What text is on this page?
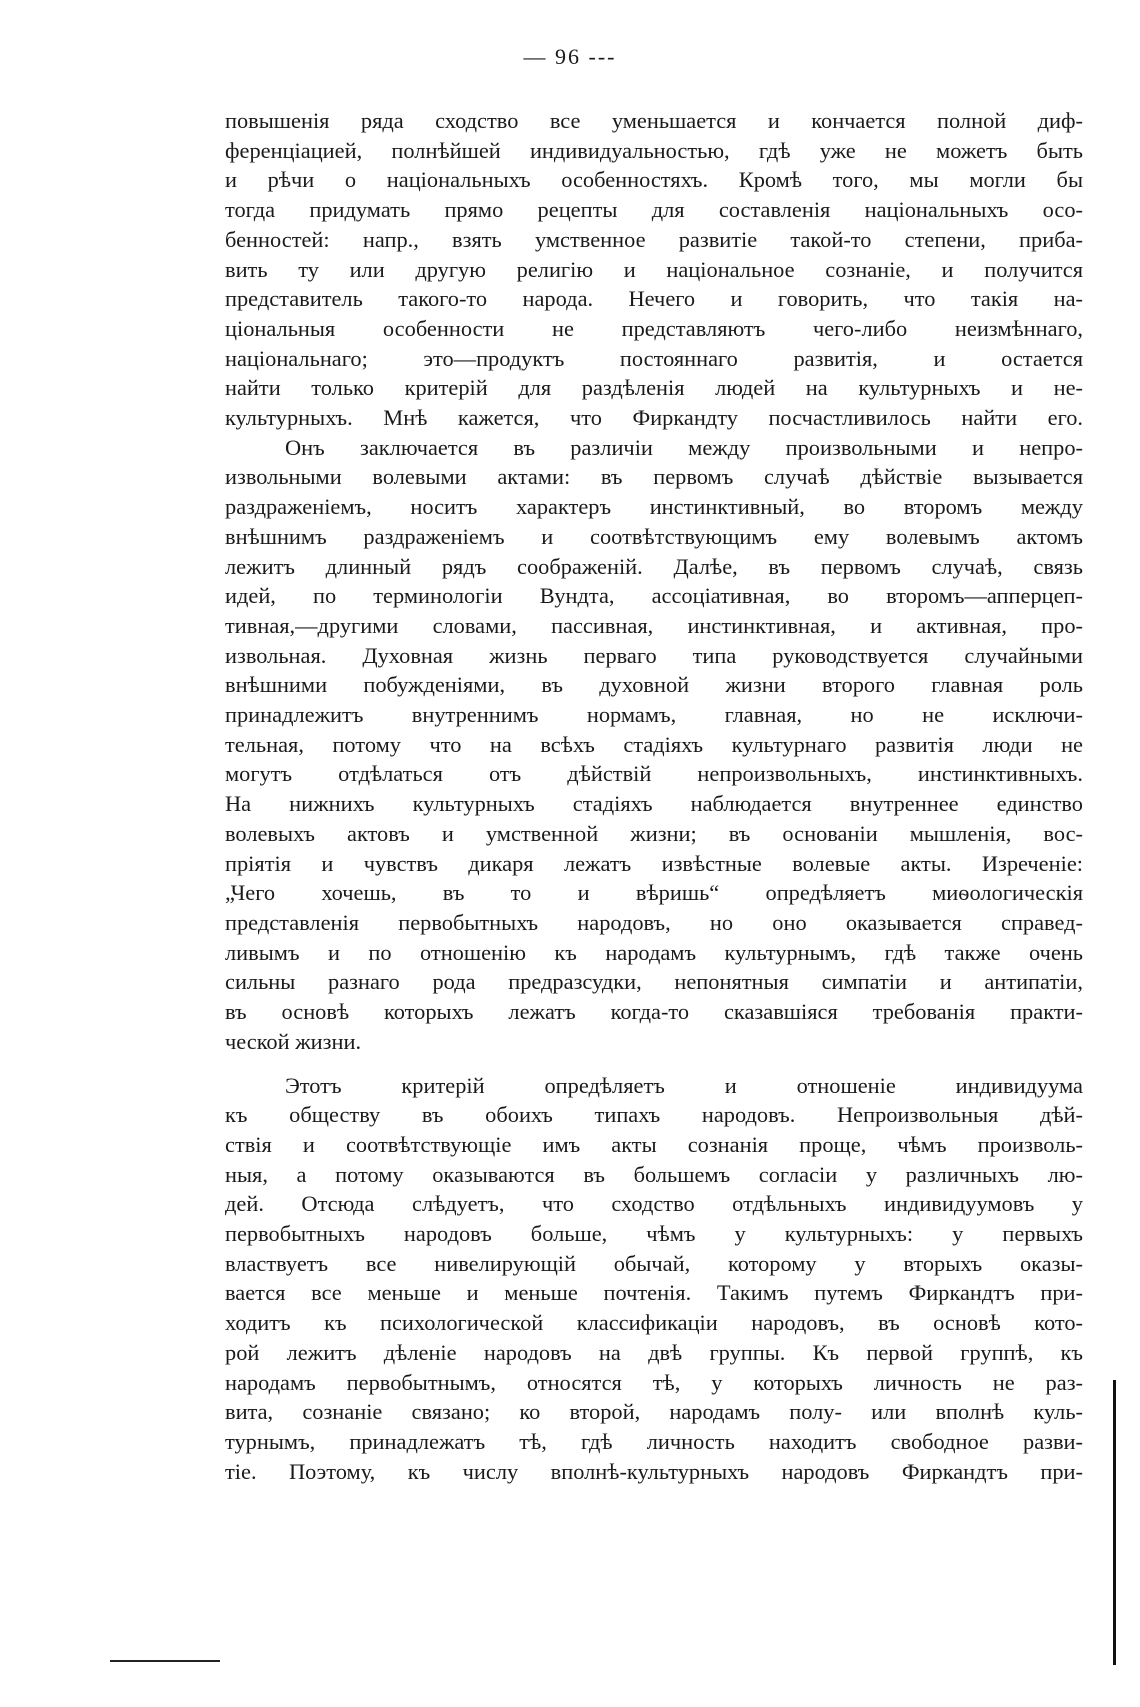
— 96 ---
повышенія ряда сходство все уменьшается и кончается полной диф-
ференціацией, полнѣйшей индивидуальностью, гдѣ уже не можетъ быть
и рѣчи о національныхъ особенностяхъ. Кромѣ того, мы могли бы
тогда придумать прямо рецепты для составленія національныхъ осо-
бенностей: напр., взять умственное развитіе такой-то степени, прибa-
вить ту или другую религію и національное сознаніе, и получится
представитель такого-то народа. Нечего и говорить, что такія на-
ціональныя особенности не представляютъ чего-либо неизмѣннаго,
національнаго; это—продуктъ постояннаго развитія, и остается
найти только критерій для раздѣленія людей на культурныхъ и не-
культурныхъ. Мнѣ кажется, что Фиркандту посчастливилось найти его.
Онъ заключается въ различіи между произвольными и непро-
извольными волевыми актами: въ первомъ случаѣ дѣйствіе вызывается
раздраженіемъ, носитъ характеръ инстинктивный, во второмъ между
внѣшнимъ раздраженіемъ и соотвѣтствующимъ ему волевымъ актомъ
лежитъ длинный рядъ соображеній. Далѣе, въ первомъ случаѣ, связь
идей, по терминологіи Вундта, ассоціативная, во второмъ—апперцеп-
тивная,—другими словами, пассивная, инстинктивная, и активная, про-
извольная. Духовная жизнь перваго типа руководствуется случайными
внѣшними побужденіями, въ духовной жизни второго главная роль
принадлежитъ внутреннимъ нормамъ, главная, но не исключи-
тельная, потому что на всѣхъ стадіяхъ культурнаго развитія люди не
могутъ отдѣлаться отъ дѣйствій непроизвольныхъ, инстинктивныхъ.
На нижнихъ культурныхъ стадіяхъ наблюдается внутреннее единство
волевыхъ актовъ и умственной жизни; въ основаніи мышленія, вос-
пріятія и чувствъ дикаря лежатъ извѣстные волевые акты. Изреченіе:
„Чего хочешь, въ то и вѣришь“ опредѣляетъ миѳологическія
представленія первобытныхъ народовъ, но оно оказывается справед-
ливымъ и по отношенію къ народамъ культурнымъ, гдѣ также очень
сильны разнаго рода предразсудки, непонятныя симпатіи и антипатіи,
въ основѣ которыхъ лежатъ когда-то сказавшіяся требованія практи-
ческой жизни.
Этотъ критерій опредѣляетъ и отношеніе индивидуума
къ обществу въ обоихъ типахъ народовъ. Непроизвольныя дѣй-
ствія и соотвѣтствующіе имъ акты сознанія проще, чѣмъ произволь-
ныя, а потому оказываются въ большемъ согласіи у различныхъ лю-
дей. Отсюда слѣдуетъ, что сходство отдѣльныхъ индивидуумовъ у
первобытныхъ народовъ больше, чѣмъ у культурныхъ: у первыхъ
властвуетъ все нивелирующій обычай, которому у вторыхъ оказы-
вается все меньше и меньше почтенія. Такимъ путемъ Фиркандтъ при-
ходитъ къ психологической классификаціи народовъ, въ основѣ кото-
рой лежитъ дѣленіе народовъ на двѣ группы. Къ первой группѣ, къ
народамъ первобытнымъ, относятся тѣ, у которыхъ личность не раз-
вита, сознаніе связано; ко второй, народамъ полу- или вполнѣ куль-
турнымъ, принадлежатъ тѣ, гдѣ личность находитъ свободное разви-
тіе. Поэтому, къ числу вполнѣ-культурныхъ народовъ Фиркандтъ при-
